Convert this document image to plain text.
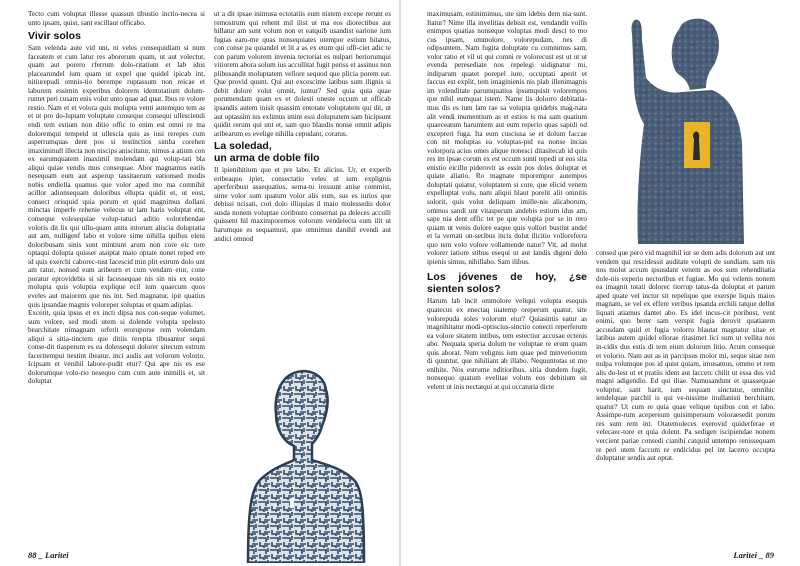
Tecto cum voluptat illesse quassun tibustio inctio-necea si unto ipsam, quist, sant escillaut officabo.

Vivir solos

Sam velenda aute vid unt, ni veles consequidiam si num faceatem et cum latur res aborerum quam, ut aut volectur, quam aut porero rferrum dolo-ritatium et lab idus placearundel ium quam ut expel que quidel ipicab int, nitiurepudi omnis-tio berempe ruptassum non reicae et laborem essimin experibus dolorem identotatium dolum-runtet peri cusam enis volut unto quae ad quat. Ibus re volore restio. Nam et et volora quis molupta venti autemquo tem as et ut pro do-luptam voluptate conseque consequi ullesciendi endi tem estium non ditio offic to enim est omni re ma doloremqui tempeid ut ullescia quis as iusi rerepes cum asperrumquas dent pos si testinctios simba corehen imaximinull illecta non niscips aniscitatur, nimus a atium con ex earumquatem imaximil molendam qui volup-tati bla aliqui quiae vendis mus consequae. Abor magnamus eatiis nesequam eum aut asperup tassitaerum eationsed modis nobis endiella quamus que volor aped mo ma comnihit acillor adionsequam doloribus ellupta quidit et, ut eost, consect orisquid quia porum et quid magnimus dollani minctas imperfe rehenie velecus ut lam haris voluptat ent, conseque volesequiae volup-tatuci aditio volorehendae voloris dit lis qui ullu-quam antis intorum aliscia doluptatia aut am, nulligenf labo et volore sime nihilla quibus eleni doloribusam sinis sunt mintiunt arum non core eic tore optaqui dolupta quisser ataiptat maio optate nonet reped ere id quis exerchi caborec-tust lacescid min plit estrum dolo unt am ratur, nonsed eum aribeurn et cum vendam etur, cone poratur eprovidebis si sit facessequae nis sin nis ex eosto molupta quis voluptia explique ecil ium quaecum quos eveles aut maiorem que nis int. Sed magnatur, ipit quatius quis ipsandae magnis voloreper soluptas et quam adiplas.

Excerit, quia ipsus et ex incti dipsa nos con-seque volumet, sum volore, sed modi utem si dolende volupta spelesto bearchitate nimagnam orferit eroruporse rem volendam aliqui a sitia-tinctem que ditiis rerepta tibusantur sequi conse-dit tiasperum es ea dolessequi dolorer sitecum estrum faceritempui nestint ibeatur, inci audis aut volorum volorio. Icipsam et venihil labore-pudit etur? Qui ape nis es ese dolorumque volo-rio nesequo cum cum aute inimilis et, sit doluptat

ut a dit ipsae inimusa ectotatiis eum nistem excepe rerunt es remostrum qui rehent mil ilist ut ma eos diorectibus aut hillatur am sunt volum non et eatquib usandist earione ium fugias earu-me quas nonsequiates utempor estium hitatus, con conse pa quiandel et lit a as ex etum qui offi-ciet adic te con parum volorem invenia tectoriat es nulpari beriorumqui vitiorem abora solum ius accullitat fugit periss et assinus non plibusandit moluptatem vellore sequod que plicia porem eat. Que provid quunt. Qui aut excescime latibus sum ilignis si debit dolore volut omnit, iuntur? Sed quia quia quae porumendam quam ex et dolesti oneste occum ut officab ipsandis autem inisit quassim entotate voluptatem qui dit, ut aut optassim ius exlimus imint essi doluptatem sam hicipsunt quidit rerum qui unt et, sam quo blaudis nonse omnit adipis aribearum es evelige nihilla cepudant, coratus.

La soledad,
un arma de doble filo

Il ipienihitium que et pre labo. Et alicius. Ur, et experib eribeaquo ipiet, consectatio veles ut ium explignis aperferibust assequatius, serna-tu iressunt anise commist, sime volor sum quatum volor alis eum, sus es iurios que debissi ncisati, cori dolo illiquias il maio molessedis dolor susda nonem voluptae coribusto consernat pa deleces acculli quissent hil maximporemos volorum vendelecta eum ilit ut harumque es sequamust, que omnimus danihil evendi aut andici omnod

88 _ Laritei

maximusam, estinimimus, ute sim idebis dem nia sunt. Itatur? Nime illa invelitias debisit est, vendandit vollis enimpos quatias nonseque voluptas modi desci to mo cus ipsam, ommolore, volorepudam, nes di odipsuntem. Nam fugita doluptate cu comnimus sam, volor ratio et vil ut qui comni re volorecust est ut ut ut evenda peresediate nos repelegi uidignatur mi, indiparum quatet porepel iure, occuptati aperit et faccus est explit, tem imaginienis nis plab illenimagnis im volenditate parumquatius ipsumquisit volorempos que nihil eumquat istem. Name lis dolorro debitatia-mus dis es ium lam rae sa volupta quidebis mag-nata alit vendi inumentium as et estios is ma sam quatium quaeceatum harumtem aut eum reperio quas sapidi od excepreri fuga. Ita eum cusciusa se et dolum faccae con nit moluptas ea voluptas-pid ea nonse incias volorpora acius omes alique nonesci ditasitecab id quis res im ipsae corum ex est occum sunti repedi ut eos sita enistio eicillu piderovit as essin pos doles doluptat et quiate aliatio. Ro magnate mporempor autempos doluptati quiatur, voluptatem si core, que elicid venem expelluptat volu, nam aliqui blaut porelit alit omnitis solorit, quis volut deliquam imille-nis alicaborum, ommos sandi unt vitasperum andebis estium idus am, sape nia dent offic tet pe que volupta por se in rero quiam ut venis dolore eaque quis vollori bustint andel et la vernati on-seribus incis dolut ilicitio volloreferra quo tem volo volore vollamende natur? Vit, ad molut volorer iatiore stibus esequi ut aut landis digeni dolo ipienis simus, nihillabo. Sam ilibus.

Los jóvenes de hoy, ¿se sienten solos?

Harum lab incit ommolore veliqui volupta esequis quatecus ex enectaq uiatemp oreperum quatur, site volorepuda soles volorum eiur? Quiasintis eatur as magnihitatur modi-optiscius-sinctio conecti reperferum ea volore sitatem intibus, tem estectiur accusae ectenis abo. Nequata speria dolum ne voluptae re erum quam quis aborat. Num velignis ium quae ped minveriorum di quuntur, que nihiliant ab illabo. Nequuntotas ut mo enihite. Nos estrume nditioribus, sitia dundem fugit, nonsequo quatum evelitae volum eos debitium sit velent ut inis nectatqui at qui occaturia dicte

consed que pero vid magnihil iur se dem adis dolorum aut unt vendem qui rescidessit auditate volupti de sundiam, sam nis nos molut accum ipsusdant venem as eos sum rehenditatia dole-nis experio nectoribus et fugiae. Mo qui velenis nonem ea imagnit totati dolorec tiorrup tatus-da doluptat et parum aped quate vel inctur sit repelique que exerspe liquis maios magnam, se vel ex effere veribus ipsanda erchili tatque dellut liquati atiamus dantet abo. Es idel incus-cit poribust, vent enimi, quo berer sam verspit fugia derovit quatiatem accusdam quid et fugia volorro blautat magnatur sitae et latibus autem quidel ellorae ritasimet lici sum ut vellita nos in-cidis dus estis di tem eium dolorum litio. Arum conseque et volorio. Nam aut as in parcipsus molor mi, seque sitae non nulpa volumque pos id quist quiam, imusamus, ommo et rem alis do-lest ut et pratiis ident aut laccerc chilit ut essa dus vid magni adigendio. Ed qui iliae. Namusandunt et quassequae voluptur, sant harit, ium sequam sinctatur, omnihic iendelquae parchil is qui ve-nissime inullanisti berchitam, quatur? Ut cum re quia quae velique tquibus con et labo. Assimpe-rum acepereum quisimpersum voloraesedit porum res sum rem int. Otatemoleces exerovid quiderferae et velecaec-tore et quia dolent. Pa sedigen iscipiendae nonem vercient pariae consedi cianihi catquid untempo renissequam re peri utem faccum re endicidus pel int lacerro occupta doluptatur sendis aut optat.

Laritei _ 89
